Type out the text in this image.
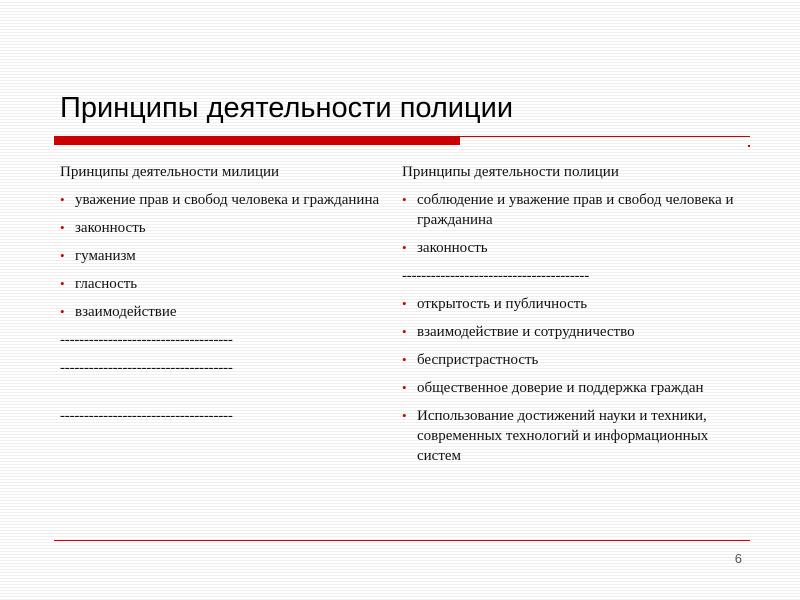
Принципы деятельности полиции

Принципы деятельности милиции

• уважение прав и свобод человека и гражданина
• законность
• гуманизм
• гласность
• взаимодействие
------------------------------------
------------------------------------
------------------------------------

Принципы деятельности полиции

• соблюдение и уважение прав и свобод человека и гражданина
• законность
---------------------------------------
• открытость и публичность
• взаимодействие и сотрудничество
• беспристрастность
• общественное доверие и поддержка граждан
• Использование достижений науки и техники, современных технологий и информационных систем
6
